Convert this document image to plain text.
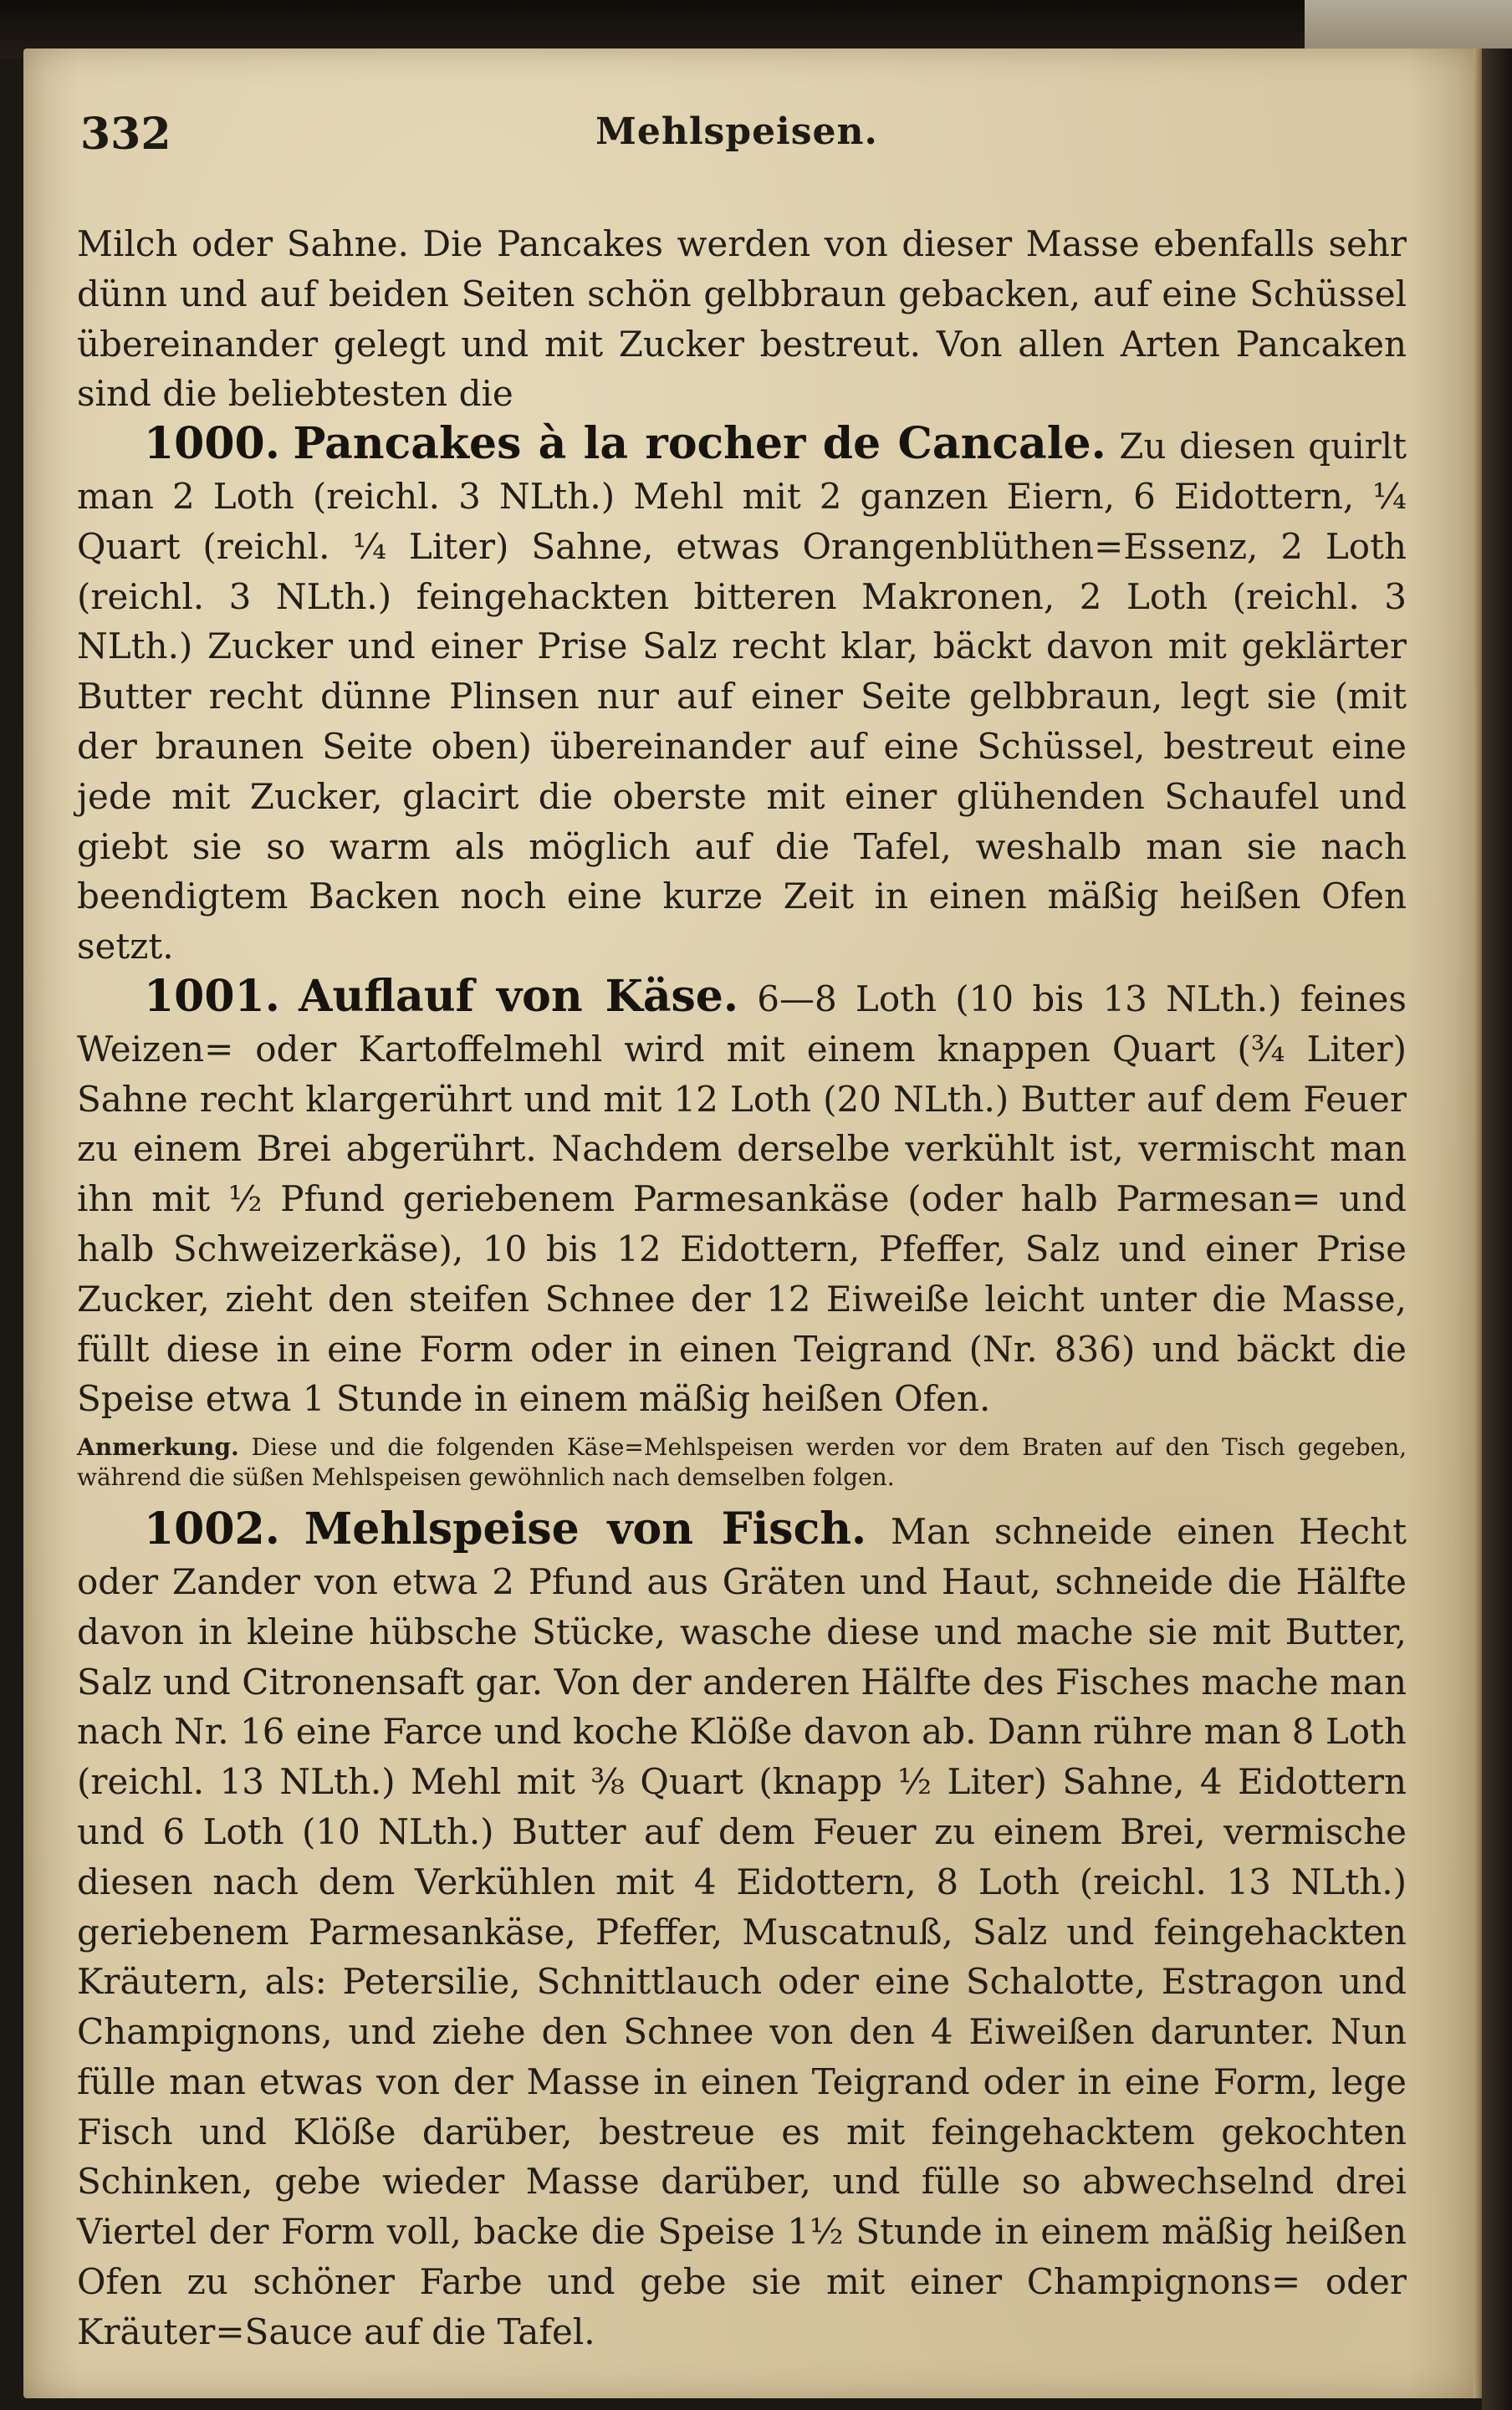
332	Mehlspeisen.

Milch oder Sahne. Die Pancakes werden von dieser Masse ebenfalls sehr dünn und auf beiden Seiten schön gelbbraun gebacken, auf eine Schüssel übereinander gelegt und mit Zucker bestreut. Von allen Arten Pancaken sind die beliebtesten die

1000. Pancakes à la rocher de Cancale. Zu diesen quirlt man 2 Loth (reichl. 3 NLth.) Mehl mit 2 ganzen Eiern, 6 Eidottern, ¼ Quart (reichl. ¼ Liter) Sahne, etwas Orangenblüthen=Essenz, 2 Loth (reichl. 3 NLth.) feingehackten bitteren Makronen, 2 Loth (reichl. 3 NLth.) Zucker und einer Prise Salz recht klar, bäckt davon mit geklärter Butter recht dünne Plinsen nur auf einer Seite gelbbraun, legt sie (mit der braunen Seite oben) übereinander auf eine Schüssel, bestreut eine jede mit Zucker, glacirt die oberste mit einer glühenden Schaufel und giebt sie so warm als möglich auf die Tafel, weshalb man sie nach beendigtem Backen noch eine kurze Zeit in einen mäßig heißen Ofen setzt.

1001. Auflauf von Käse. 6—8 Loth (10 bis 13 NLth.) feines Weizen= oder Kartoffelmehl wird mit einem knappen Quart (¾ Liter) Sahne recht klargerührt und mit 12 Loth (20 NLth.) Butter auf dem Feuer zu einem Brei abgerührt. Nachdem derselbe verkühlt ist, vermischt man ihn mit ½ Pfund geriebenem Parmesankäse (oder halb Parmesan= und halb Schweizerkäse), 10 bis 12 Eidottern, Pfeffer, Salz und einer Prise Zucker, zieht den steifen Schnee der 12 Eiweiße leicht unter die Masse, füllt diese in eine Form oder in einen Teigrand (Nr. 836) und bäckt die Speise etwa 1 Stunde in einem mäßig heißen Ofen.

Anmerkung. Diese und die folgenden Käse=Mehlspeisen werden vor dem Braten auf den Tisch gegeben, während die süßen Mehlspeisen gewöhnlich nach demselben folgen.

1002. Mehlspeise von Fisch. Man schneide einen Hecht oder Zander von etwa 2 Pfund aus Gräten und Haut, schneide die Hälfte davon in kleine hübsche Stücke, wasche diese und mache sie mit Butter, Salz und Citronensaft gar. Von der anderen Hälfte des Fisches mache man nach Nr. 16 eine Farce und koche Klöße davon ab. Dann rühre man 8 Loth (reichl. 13 NLth.) Mehl mit ⅜ Quart (knapp ½ Liter) Sahne, 4 Eidottern und 6 Loth (10 NLth.) Butter auf dem Feuer zu einem Brei, vermische diesen nach dem Verkühlen mit 4 Eidottern, 8 Loth (reichl. 13 NLth.) geriebenem Parmesankäse, Pfeffer, Muscatnuß, Salz und feingehackten Kräutern, als: Petersilie, Schnittlauch oder eine Schalotte, Estragon und Champignons, und ziehe den Schnee von den 4 Eiweißen darunter. Nun fülle man etwas von der Masse in einen Teigrand oder in eine Form, lege Fisch und Klöße darüber, bestreue es mit feingehacktem gekochten Schinken, gebe wieder Masse darüber, und fülle so abwechselnd drei Viertel der Form voll, backe die Speise 1½ Stunde in einem mäßig heißen Ofen zu schöner Farbe und gebe sie mit einer Champignons= oder Kräuter=Sauce auf die Tafel.
